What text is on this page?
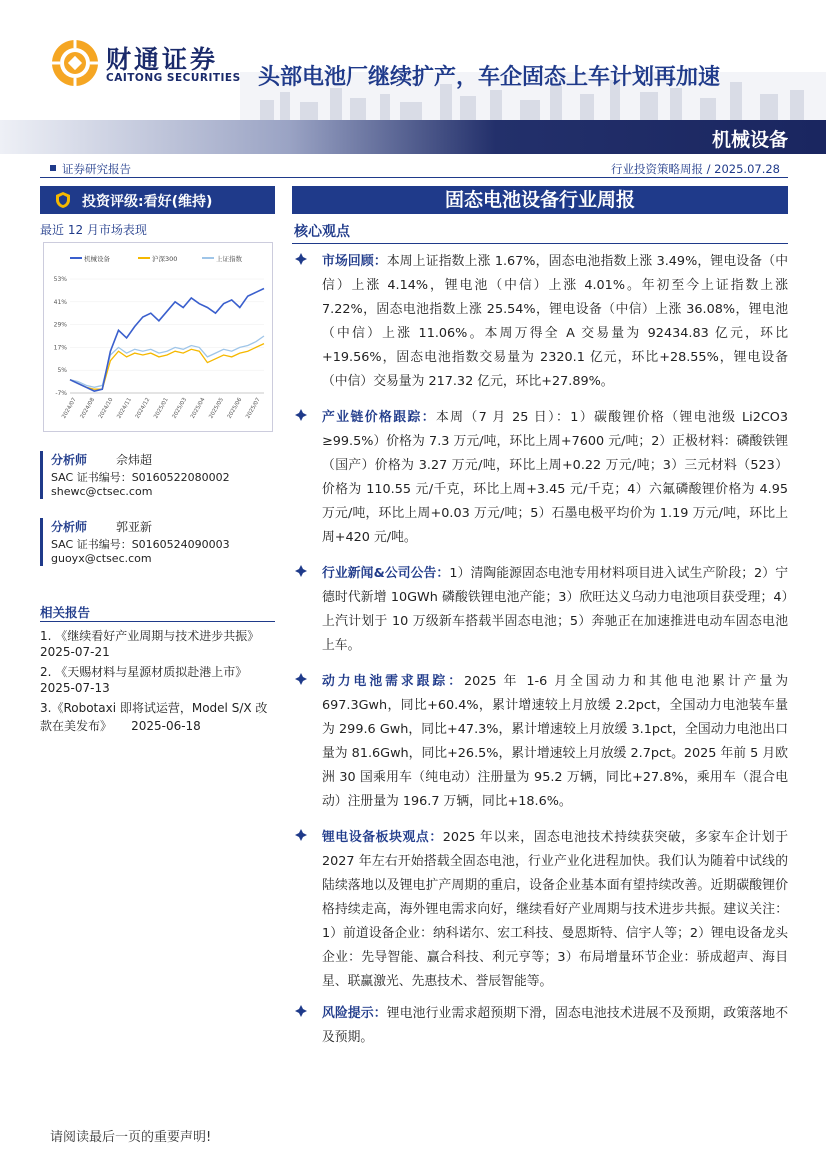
财通证券
CAITONG SECURITIES 头部电池厂继续扩产，车企固态上车计划再加速
机械设备
证券研究报告	行业投资策略周报 / 2025.07.28
投资评级:看好(维持)
最近 12 月市场表现
机械设备	沪深300	上证指数
53%
41%
29%
17%
5%
-7%
2024/07 2024/08 2024/10 2024/11 2024/12 2025/01 2025/03 2025/04 2025/05 2025/06 2025/07
分析师 佘炜超
SAC 证书编号：S0160522080002
shewc@ctsec.com
分析师 郭亚新
SAC 证书编号：S0160524090003
guoyx@ctsec.com
相关报告
1. 《继续看好产业周期与技术进步共振》
2025-07-21
2. 《天赐材料与星源材质拟赴港上市》
2025-07-13
3.《Robotaxi 即将试运营，Model S/X 改
款在美发布》     2025-06-18
固态电池设备行业周报
核心观点
市场回顾：本周上证指数上涨 1.67%，固态电池指数上涨 3.49%，锂电设备（中信）上涨 4.14%，锂电池（中信）上涨 4.01%。年初至今上证指数上涨 7.22%，固态电池指数上涨 25.54%，锂电设备（中信）上涨 36.08%，锂电池（中信）上涨 11.06%。本周万得全 A 交易量为 92434.83 亿元，环比+19.56%，固态电池指数交易量为 2320.1 亿元，环比+28.55%，锂电设备（中信）交易量为 217.32 亿元，环比+27.89%。
产业链价格跟踪：本周（7 月 25 日）：1）碳酸锂价格（锂电池级 Li2CO3 ≥99.5%）价格为 7.3 万元/吨，环比上周+7600 元/吨；2）正极材料：磷酸铁锂（国产）价格为 3.27 万元/吨，环比上周+0.22 万元/吨；3）三元材料（523）价格为 110.55 元/千克，环比上周+3.45 元/千克；4）六氟磷酸锂价格为 4.95 万元/吨，环比上周+0.03 万元/吨；5）石墨电极平均价为 1.19 万元/吨，环比上周+420 元/吨。
行业新闻&公司公告：1）清陶能源固态电池专用材料项目进入试生产阶段；2）宁德时代新增 10GWh 磷酸铁锂电池产能；3）欣旺达义乌动力电池项目获受理；4）上汽计划于 10 万级新车搭载半固态电池；5）奔驰正在加速推进电动车固态电池上车。
动力电池需求跟踪：2025 年 1-6 月全国动力和其他电池累计产量为 697.3Gwh，同比+60.4%，累计增速较上月放缓 2.2pct，全国动力电池装车量为 299.6 Gwh，同比+47.3%，累计增速较上月放缓 3.1pct，全国动力电池出口量为 81.6Gwh，同比+26.5%，累计增速较上月放缓 2.7pct。2025 年前 5 月欧洲 30 国乘用车（纯电动）注册量为 95.2 万辆，同比+27.8%，乘用车（混合电动）注册量为 196.7 万辆，同比+18.6%。
锂电设备板块观点：2025 年以来，固态电池技术持续获突破，多家车企计划于 2027 年左右开始搭载全固态电池，行业产业化进程加快。我们认为随着中试线的陆续落地以及锂电扩产周期的重启，设备企业基本面有望持续改善。近期碳酸锂价格持续走高，海外锂电需求向好，继续看好产业周期与技术进步共振。建议关注：1）前道设备企业：纳科诺尔、宏工科技、曼恩斯特、信宇人等；2）锂电设备龙头企业：先导智能、赢合科技、利元亨等；3）布局增量环节企业：骄成超声、海目星、联赢激光、先惠技术、誉辰智能等。
风险提示：锂电池行业需求超预期下滑，固态电池技术进展不及预期，政策落地不及预期。
请阅读最后一页的重要声明!
